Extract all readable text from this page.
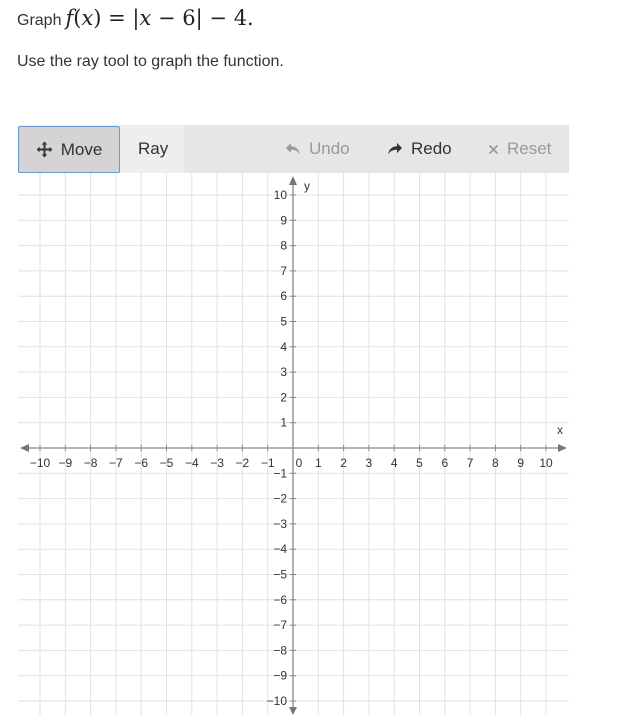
Graph f(x) = |x − 6| − 4.
Use the ray tool to graph the function.
Move Ray	Undo	Redo	Reset
−10 −9 −8 −7 −6 −5 −4 −3 −2 −1	1 2 3 4 5 6 7 8 9 10
10
9
8
7
6
5
4
3
2
1
−1
−2
−3
−4
−5
−6
−7
−8
−9
−10
0
x
y
